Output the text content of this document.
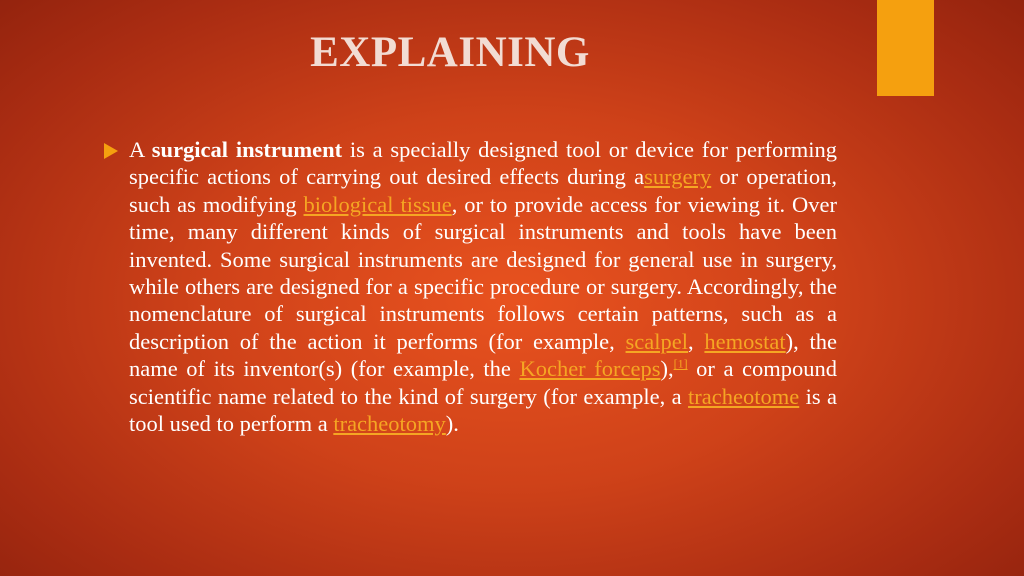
EXPLAINING
A surgical instrument is a specially designed tool or device for performing specific actions of carrying out desired effects during asurgery or operation, such as modifying biological tissue, or to provide access for viewing it. Over time, many different kinds of surgical instruments and tools have been invented. Some surgical instruments are designed for general use in surgery, while others are designed for a specific procedure or surgery. Accordingly, the nomenclature of surgical instruments follows certain patterns, such as a description of the action it performs (for example, scalpel, hemostat), the name of its inventor(s) (for example, the Kocher forceps),[1] or a compound scientific name related to the kind of surgery (for example, a tracheotome is a tool used to perform a tracheotomy).
